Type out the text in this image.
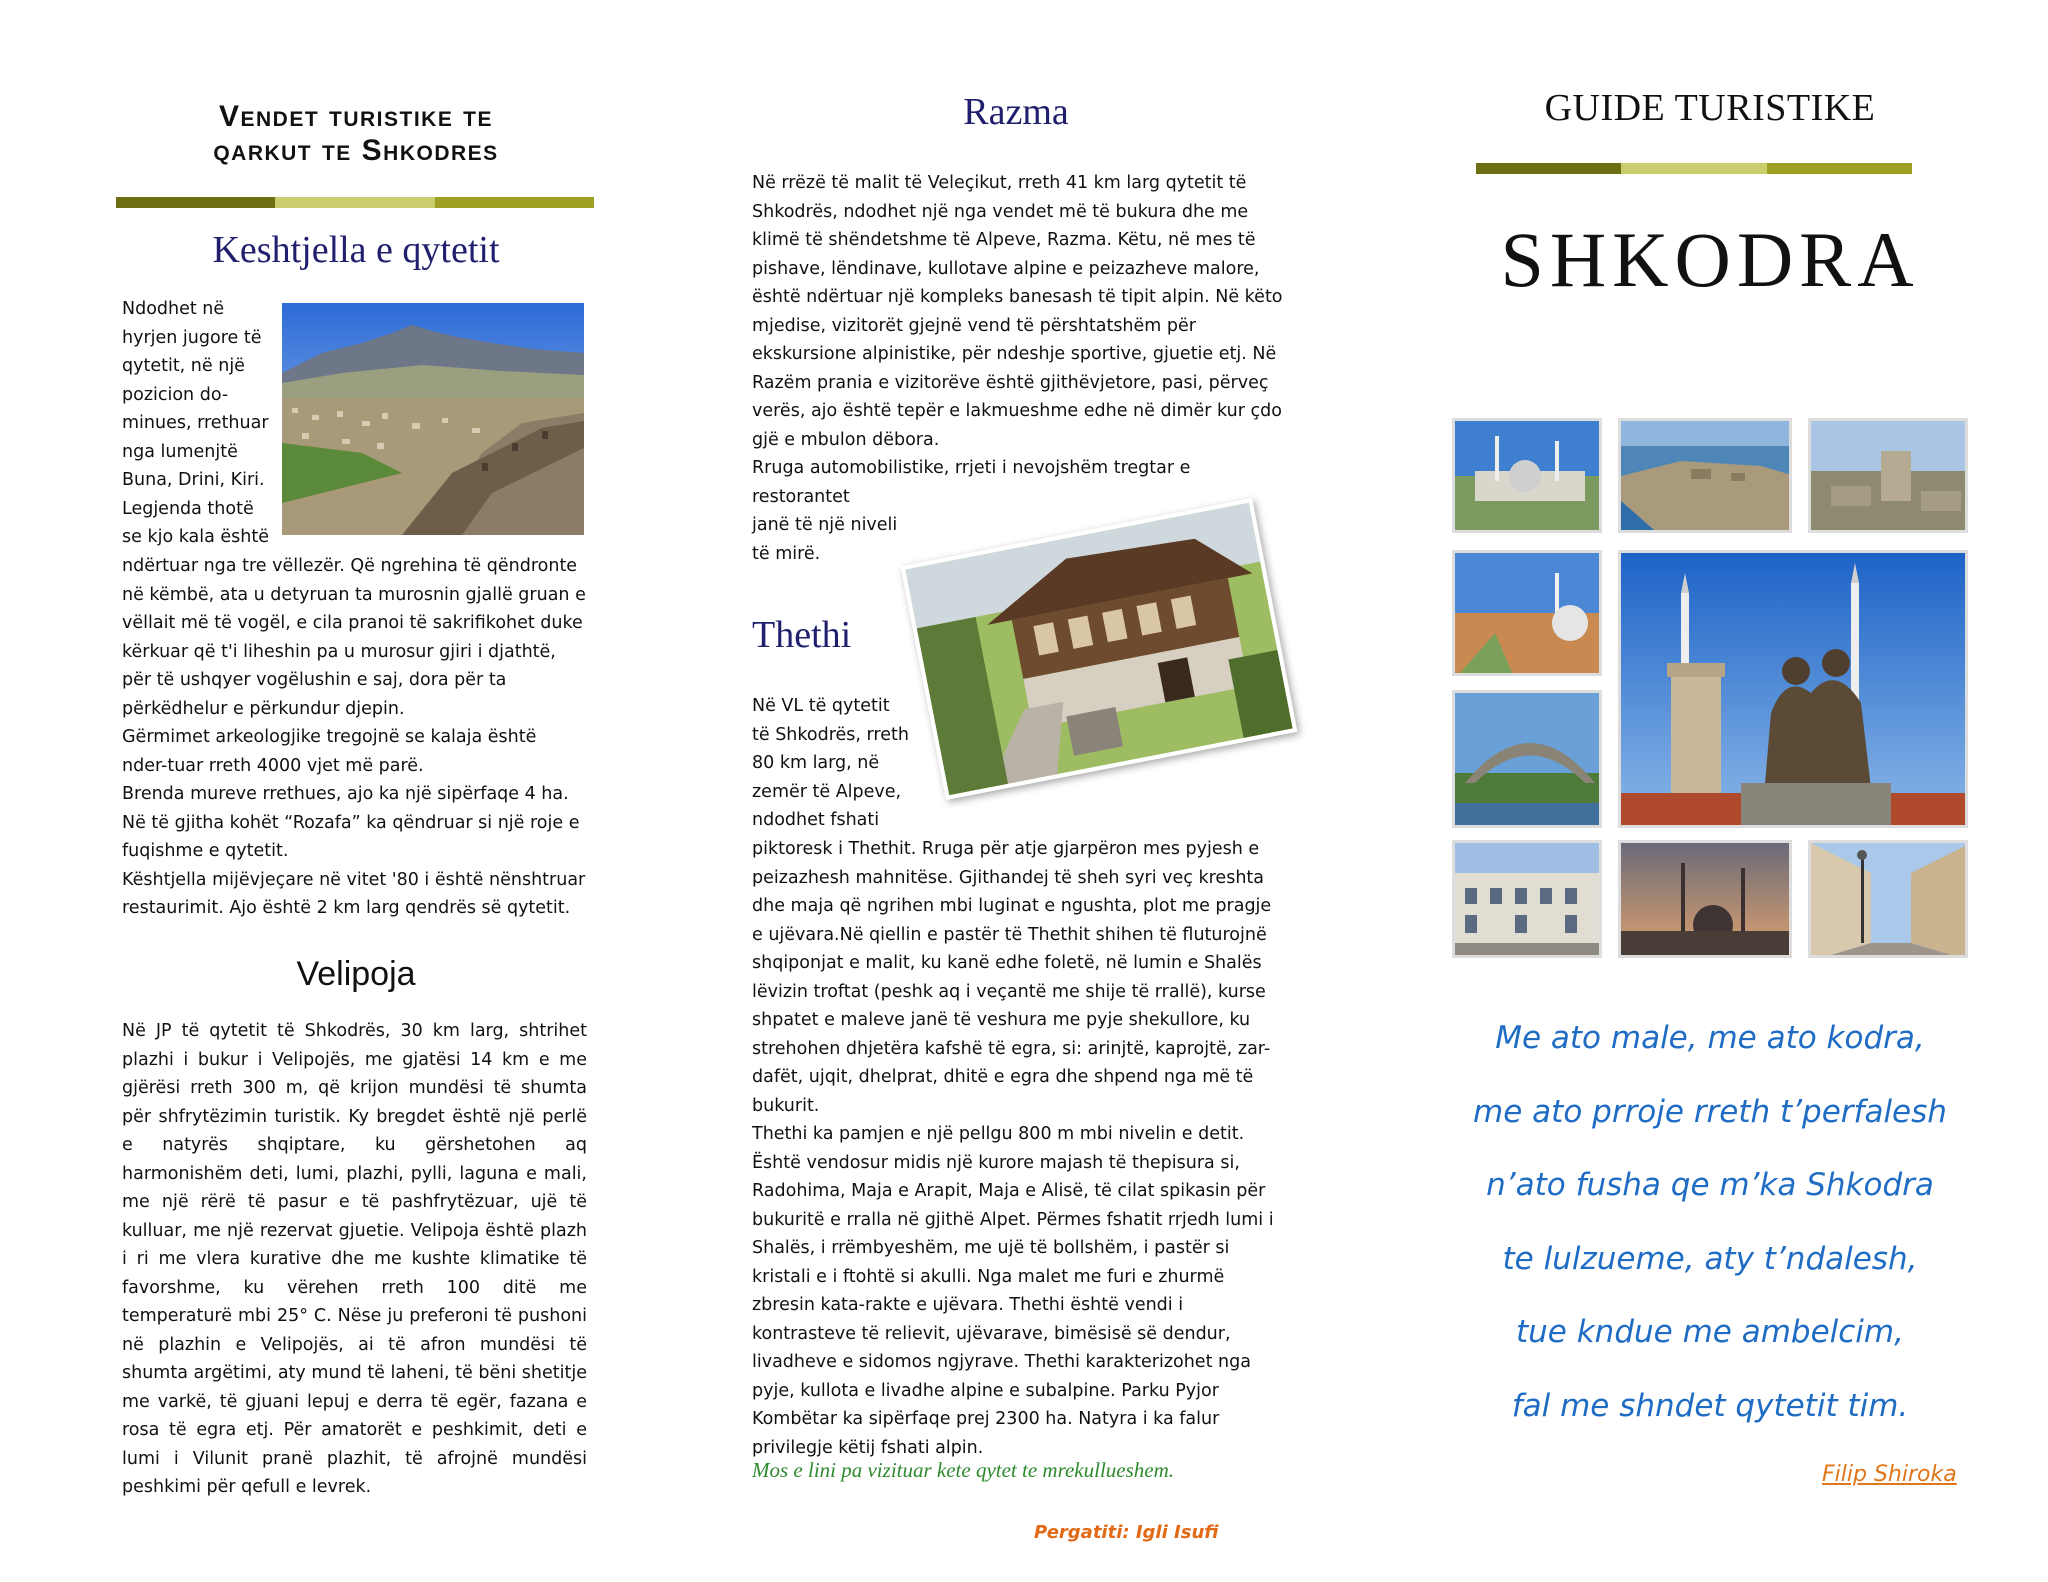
Vendet turistike te
qarkut te Shkodres
Keshtjella e qytetit

Ndodhet në

hyrjen jugore të

qytetit, në një

pozicion do-

minues, rrethuar

nga lumenjtë

Buna, Drini, Kiri.

Legjenda thotë

se kjo kala është

ndërtuar nga tre vëllezër. Që ngrehina të qëndronte në këmbë, ata u detyruan ta murosnin gjallë gruan e vëllait më të vogël, e cila pranoi të sakrifikohet duke kërkuar që t'i liheshin pa u murosur gjiri i djathtë, për të ushqyer vogëlushin e saj, dora për ta përkëdhelur e përkundur djepin.

Gërmimet arkeologjike tregojnë se kalaja është nder-tuar rreth 4000 vjet më parë.

Brenda mureve rrethues, ajo ka një sipërfaqe 4 ha.

Në të gjitha kohët “Rozafa” ka qëndruar si një roje e fuqishme e qytetit.

Kështjella mijëvjeçare në vitet '80 i është nënshtruar restaurimit. Ajo është 2 km larg qendrës së qytetit.

Velipoja

Në JP të qytetit të Shkodrës, 30 km larg, shtrihet plazhi i bukur i Velipojës, me gjatësi 14 km e me gjërësi rreth 300 m, që krijon mundësi të shumta për shfrytëzimin turistik. Ky bregdet është një perlë e natyrës shqiptare, ku gërshetohen aq harmonishëm deti, lumi, plazhi, pylli, laguna e mali, me një rërë të pasur e të pashfrytëzuar, ujë të kulluar, me një rezervat gjuetie. Velipoja është plazh i ri me vlera kurative dhe me kushte klimatike të favorshme, ku vërehen rreth 100 ditë me temperaturë mbi 25° C. Nëse ju preferoni të pushoni në plazhin e Velipojës, ai të afron mundësi të shumta argëtimi, aty mund të laheni, të bëni shetitje me varkë, të gjuani lepuj e derra të egër, fazana e rosa të egra etj. Për amatorët e peshkimit, deti e lumi i Vilunit pranë plazhit, të afrojnë mundësi peshkimi për qefull e levrek.

Razma

Në rrëzë të malit të Veleçikut, rreth 41 km larg qytetit të Shkodrës, ndodhet një nga vendet më të bukura dhe me klimë të shëndetshme të Alpeve, Razma. Këtu, në mes të pishave, lëndinave, kullotave alpine e peizazheve malore, është ndërtuar një kompleks banesash të tipit alpin. Në këto mjedise, vizitorët gjejnë vend të përshtatshëm për ekskursione alpinistike, për ndeshje sportive, gjuetie etj. Në Razëm prania e vizitorëve është gjithëvjetore, pasi, përveç verës, ajo është tepër e lakmueshme edhe në dimër kur çdo gjë e mbulon dëbora.

Rruga automobilistike, rrjeti i nevojshëm tregtar e restorantet

janë të një niveli

të mirë.

Thethi

Në VL të qytetit

të Shkodrës, rreth

80 km larg, në

zemër të Alpeve,

ndodhet fshati

piktoresk i Thethit. Rruga për atje gjarpëron mes pyjesh e peizazhesh mahnitëse. Gjithandej të sheh syri veç kreshta dhe maja që ngrihen mbi luginat e ngushta, plot me pragje e ujëvara.Në qiellin e pastër të Thethit shihen të fluturojnë shqiponjat e malit, ku kanë edhe foletë, në lumin e Shalës lëvizin troftat (peshk aq i veçantë me shije të rrallë), kurse shpatet e maleve janë të veshura me pyje shekullore, ku strehohen dhjetëra kafshë të egra, si: arinjtë, kaprojtë, zar-dafët, ujqit, dhelprat, dhitë e egra dhe shpend nga më të bukurit.

Thethi ka pamjen e një pellgu 800 m mbi nivelin e detit. Është vendosur midis një kurore majash të thepisura si, Radohima, Maja e Arapit, Maja e Alisë, të cilat spikasin për bukuritë e rralla në gjithë Alpet. Përmes fshatit rrjedh lumi i Shalës, i rrëmbyeshëm, me ujë të bollshëm, i pastër si kristali e i ftohtë si akulli. Nga malet me furi e zhurmë zbresin kata-rakte e ujëvara. Thethi është vendi i kontrasteve të relievit, ujëvarave, bimësisë së dendur, livadheve e sidomos ngjyrave. Thethi karakterizohet nga pyje, kullota e livadhe alpine e subalpine. Parku Pyjor Kombëtar ka sipërfaqe prej 2300 ha. Natyra i ka falur privilegje këtij fshati alpin.

Mos e lini pa vizituar kete qytet te mrekullueshem.
Pergatiti: Igli Isufi
GUIDE TURISTIKE
SHKODRA
Me ato male, me ato kodra,
me ato prroje rreth t’perfalesh
n’ato fusha qe m’ka Shkodra
te lulzueme, aty t’ndalesh,
tue kndue me ambelcim,
fal me shndet qytetit tim.
Filip Shiroka
